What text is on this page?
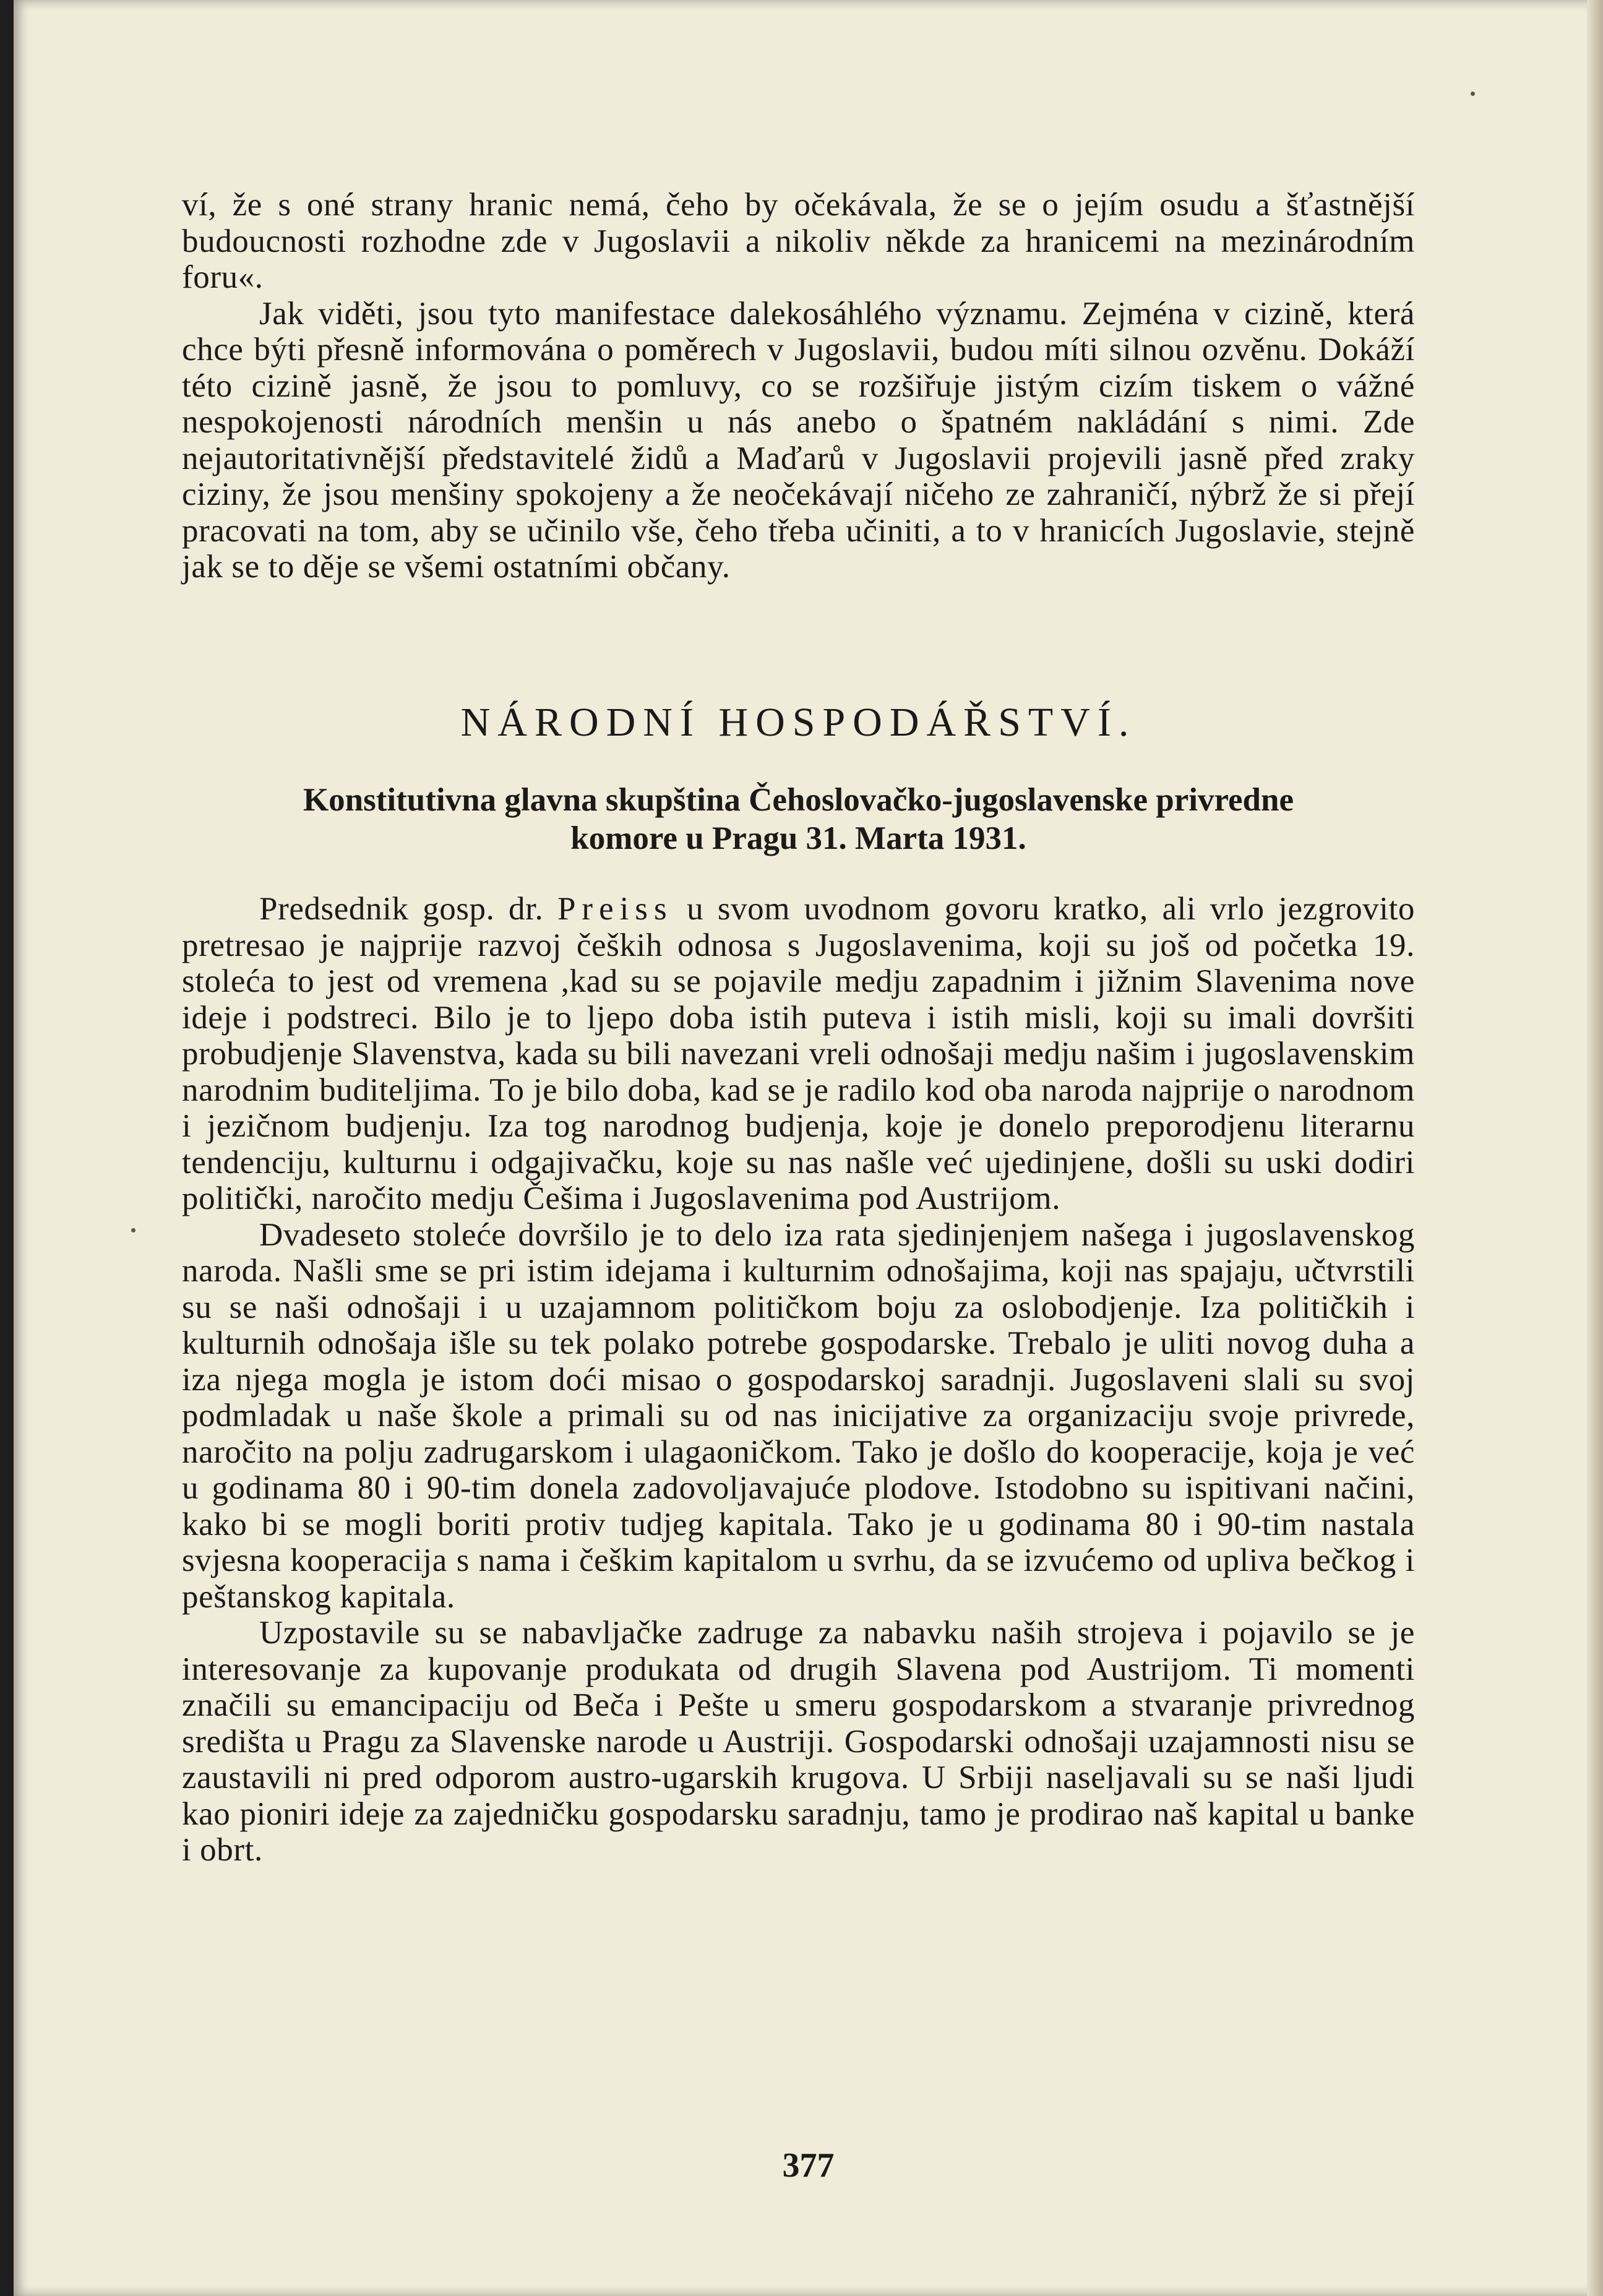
ví, že s oné strany hranic nemá, čeho by očekávala, že se o jejím osudu a šťastnější budoucnosti rozhodne zde v Jugoslavii a nikoliv někde za hranicemi na mezinárodním foru«.

Jak viděti, jsou tyto manifestace dalekosáhlého významu. Zejména v cizině, která chce býti přesně informována o poměrech v Jugoslavii, budou míti silnou ozvěnu. Dokáží této cizině jasně, že jsou to pomluvy, co se rozšiřuje jistým cizím tiskem o vážné nespokojenosti národních menšin u nás anebo o špatném nakládání s nimi. Zde nejautoritativnější představitelé židů a Maďarů v Jugoslavii projevili jasně před zraky ciziny, že jsou menšiny spokojeny a že neočekávají ničeho ze zahraničí, nýbrž že si přejí pracovati na tom, aby se učinilo vše, čeho třeba učiniti, a to v hranicích Jugoslavie, stejně jak se to děje se všemi ostatními občany.

NÁRODNÍ HOSPODÁŘSTVÍ.
Konstitutivna glavna skupština Čehoslovačko-jugoslavenske privredne
komore u Pragu 31. Marta 1931.

Predsednik gosp. dr. Preiss u svom uvodnom govoru kratko, ali vrlo jezgrovito pretresao je najprije razvoj čeških odnosa s Jugoslavenima, koji su još od početka 19. stoleća to jest od vremena ,kad su se pojavile medju zapadnim i jižnim Slavenima nove ideje i podstreci. Bilo je to ljepo doba istih puteva i istih misli, koji su imali dovršiti probudjenje Slavenstva, kada su bili navezani vreli odnošaji medju našim i jugoslavenskim narodnim buditeljima. To je bilo doba, kad se je radilo kod oba naroda najprije o narodnom i jezičnom budjenju. Iza tog narodnog budjenja, koje je donelo preporodjenu literarnu tendenciju, kulturnu i odgajivačku, koje su nas našle već ujedinjene, došli su uski dodiri politički, naročito medju Češima i Jugoslavenima pod Austrijom.

Dvadeseto stoleće dovršilo je to delo iza rata sjedinjenjem našega i jugoslavenskog naroda. Našli sme se pri istim idejama i kulturnim odnošajima, koji nas spajaju, učtvrstili su se naši odnošaji i u uzajamnom političkom boju za oslobodjenje. Iza političkih i kulturnih odnošaja išle su tek polako potrebe gospodarske. Trebalo je uliti novog duha a iza njega mogla je istom doći misao o gospodarskoj saradnji. Jugoslaveni slali su svoj podmladak u naše škole a primali su od nas inicijative za organizaciju svoje privrede, naročito na polju zadrugarskom i ulagaoničkom. Tako je došlo do kooperacije, koja je već u godinama 80 i 90-tim donela zadovoljavajuće plodove. Istodobno su ispitivani načini, kako bi se mogli boriti protiv tudjeg kapitala. Tako je u godinama 80 i 90-tim nastala svjesna kooperacija s nama i češkim kapitalom u svrhu, da se izvućemo od upliva bečkog i peštanskog kapitala.

Uzpostavile su se nabavljačke zadruge za nabavku naših strojeva i pojavilo se je interesovanje za kupovanje produkata od drugih Slavena pod Austrijom. Ti momenti značili su emancipaciju od Beča i Pešte u smeru gospodarskom a stvaranje privrednog središta u Pragu za Slavenske narode u Austriji. Gospodarski odnošaji uzajamnosti nisu se zaustavili ni pred odporom austro-ugarskih krugova. U Srbiji naseljavali su se naši ljudi kao pioniri ideje za zajedničku gospodarsku saradnju, tamo je prodirao naš kapital u banke i obrt.

377
